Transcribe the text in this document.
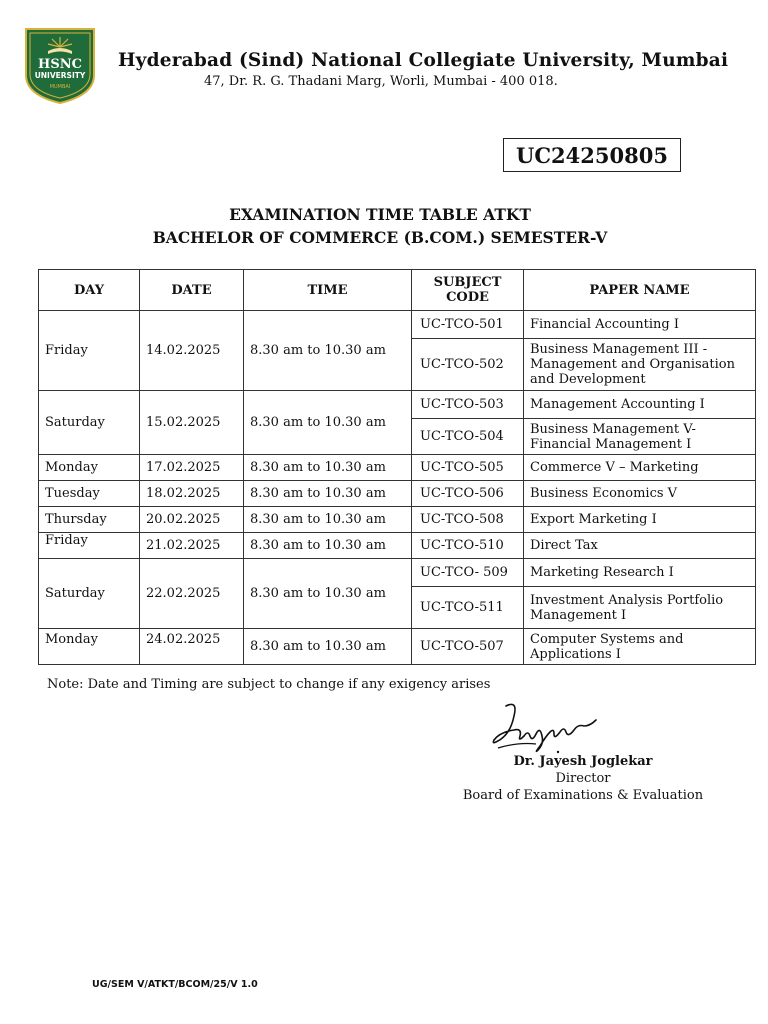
HSNC
UNIVERSITY
MUMBAI
Hyderabad (Sind) National Collegiate University, Mumbai
47, Dr. R. G. Thadani Marg, Worli, Mumbai - 400 018.
UC24250805
EXAMINATION TIME TABLE ATKT
BACHELOR OF COMMERCE (B.COM.) SEMESTER-V
DAY	DATE	TIME	SUBJECT CODE	PAPER NAME
Friday	14.02.2025	8.30 am to 10.30 am	UC-TCO-501	Financial Accounting I
			UC-TCO-502	Business Management III - Management and Organisation and Development
Saturday	15.02.2025	8.30 am to 10.30 am	UC-TCO-503	Management Accounting I
			UC-TCO-504	Business Management V- Financial Management I
Monday	17.02.2025	8.30 am to 10.30 am	UC-TCO-505	Commerce V – Marketing
Tuesday	18.02.2025	8.30 am to 10.30 am	UC-TCO-506	Business Economics V
Thursday	20.02.2025	8.30 am to 10.30 am	UC-TCO-508	Export Marketing I
Friday	21.02.2025	8.30 am to 10.30 am	UC-TCO-510	Direct Tax
Saturday	22.02.2025	8.30 am to 10.30 am	UC-TCO- 509	Marketing Research I
			UC-TCO-511	Investment Analysis Portfolio Management I
Monday	24.02.2025	8.30 am to 10.30 am	UC-TCO-507	Computer Systems and Applications I
Note: Date and Timing are subject to change if any exigency arises
Dr. Jayesh Joglekar
Director
Board of Examinations & Evaluation
UG/SEM V/ATKT/BCOM/25/V 1.0
